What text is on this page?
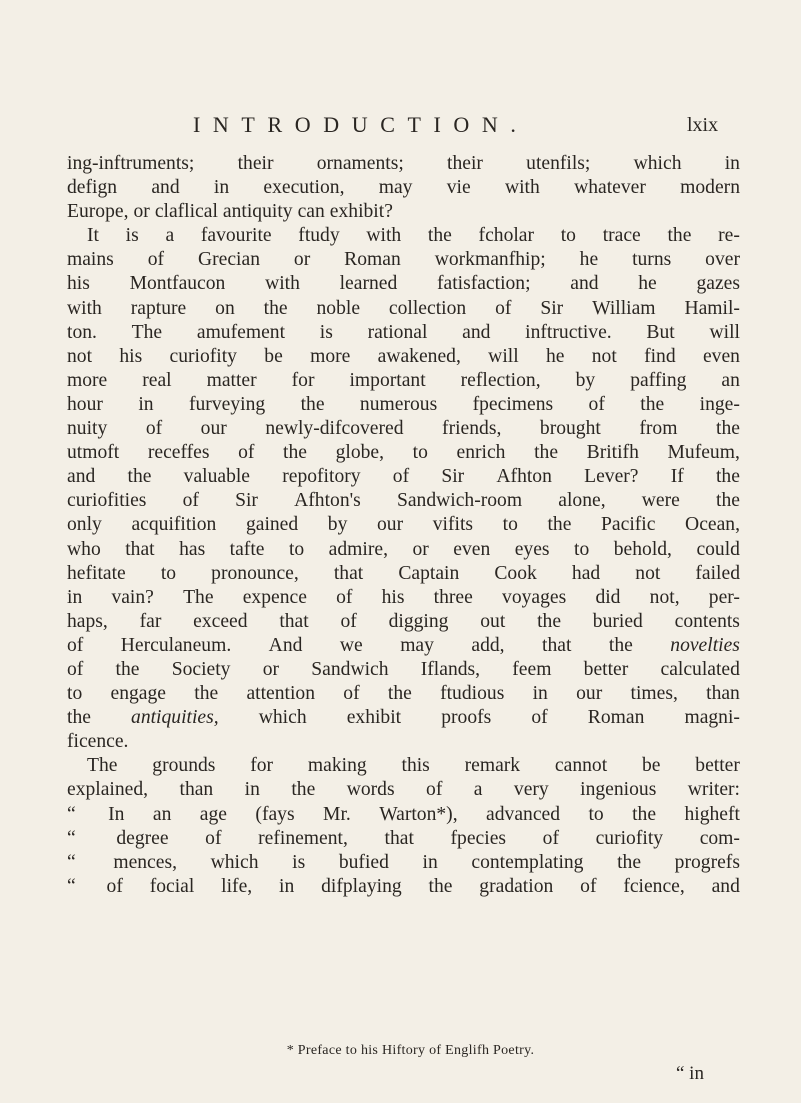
INTRODUCTION.	lxix
ing-inftruments; their ornaments; their utenfils; which in
defign and in execution, may vie with whatever modern
Europe, or claflical antiquity can exhibit?
It is a favourite ftudy with the fcholar to trace the re-
mains of Grecian or Roman workmanfhip; he turns over
his Montfaucon with learned fatisfaction; and he gazes
with rapture on the noble collection of Sir William Hamil-
ton. The amufement is rational and inftructive. But will
not his curiofity be more awakened, will he not find even
more real matter for important reflection, by paffing an
hour in furveying the numerous fpecimens of the inge-
nuity of our newly-difcovered friends, brought from the
utmoft receffes of the globe, to enrich the Britifh Mufeum,
and the valuable repofitory of Sir Afhton Lever? If the
curiofities of Sir Afhton's Sandwich-room alone, were the
only acquifition gained by our vifits to the Pacific Ocean,
who that has tafte to admire, or even eyes to behold, could
hefitate to pronounce, that Captain Cook had not failed
in vain? The expence of his three voyages did not, per-
haps, far exceed that of digging out the buried contents
of Herculaneum. And we may add, that the novelties
of the Society or Sandwich Iflands, feem better calculated
to engage the attention of the ftudious in our times, than
the antiquities, which exhibit proofs of Roman magni-
ficence.
The grounds for making this remark cannot be better
explained, than in the words of a very ingenious writer:
“ In an age (fays Mr. Warton*), advanced to the higheft
“ degree of refinement, that fpecies of curiofity com-
“ mences, which is bufied in contemplating the progrefs
“ of focial life, in difplaying the gradation of fcience, and
* Preface to his Hiftory of Englifh Poetry.
“ in
